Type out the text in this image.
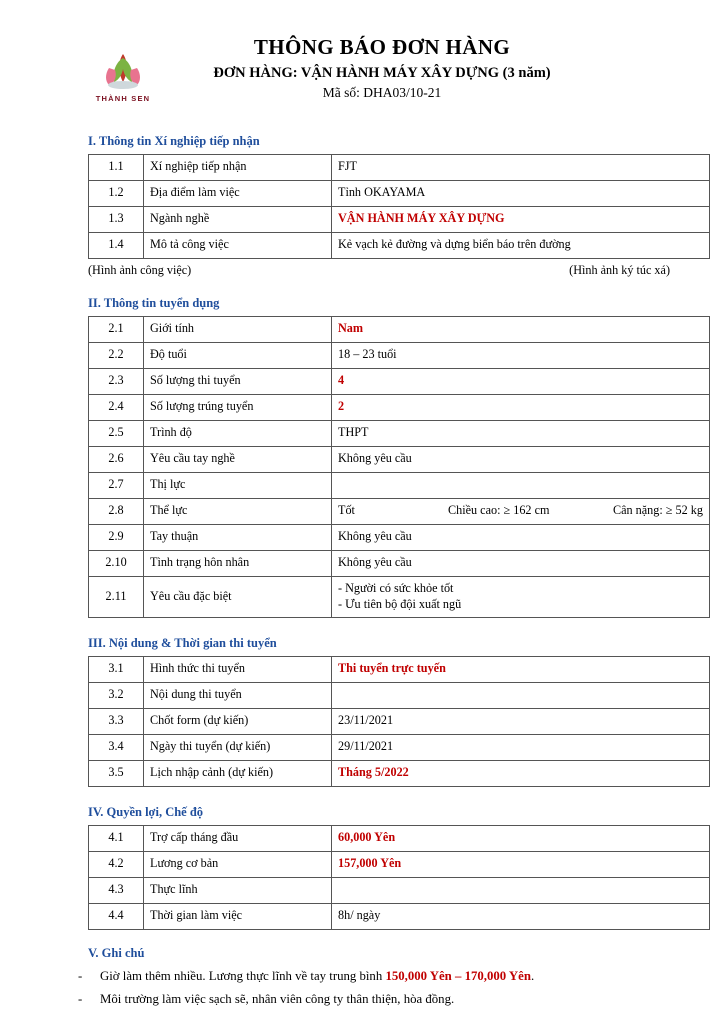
THÀNH SEN
THÔNG BÁO ĐƠN HÀNG
ĐƠN HÀNG: VẬN HÀNH MÁY XÂY DỰNG (3 năm)
Mã số: DHA03/10-21
I. Thông tin Xí nghiệp tiếp nhận
1.1	Xí nghiệp tiếp nhận	FJT
1.2	Địa điểm làm việc	Tỉnh OKAYAMA
1.3	Ngành nghề	VẬN HÀNH MÁY XÂY DỰNG
1.4	Mô tả công việc	Kẻ vạch kẻ đường và dựng biển báo trên đường
(Hình ảnh công việc)	(Hình ảnh ký túc xá)
II. Thông tin tuyển dụng
2.1	Giới tính	Nam
2.2	Độ tuổi	18 – 23 tuổi
2.3	Số lượng thi tuyển	4
2.4	Số lượng trúng tuyển	2
2.5	Trình độ	THPT
2.6	Yêu cầu tay nghề	Không yêu cầu
2.7	Thị lực	
2.8	Thể lực	Tốt Chiều cao: ≥ 162 cm Cân nặng: ≥ 52 kg

2.9	Tay thuận	Không yêu cầu
2.10	Tình trạng hôn nhân	Không yêu cầu
2.11	Yêu cầu đặc biệt	- Người có sức khỏe tốt
- Ưu tiên bộ đội xuất ngũ
III. Nội dung & Thời gian thi tuyển
3.1	Hình thức thi tuyển	Thi tuyển trực tuyến
3.2	Nội dung thi tuyển	
3.3	Chốt form (dự kiến)	23/11/2021
3.4	Ngày thi tuyển (dự kiến)	29/11/2021
3.5	Lịch nhập cảnh (dự kiến)	Tháng 5/2022
IV. Quyền lợi, Chế độ
4.1	Trợ cấp tháng đầu	60,000 Yên
4.2	Lương cơ bản	157,000 Yên
4.3	Thực lĩnh	
4.4	Thời gian làm việc	8h/ ngày
V. Ghi chú
-	Giờ làm thêm nhiều. Lương thực lĩnh về tay trung bình 150,000 Yên – 170,000 Yên.
-	Môi trường làm việc sạch sẽ, nhân viên công ty thân thiện, hòa đồng.
